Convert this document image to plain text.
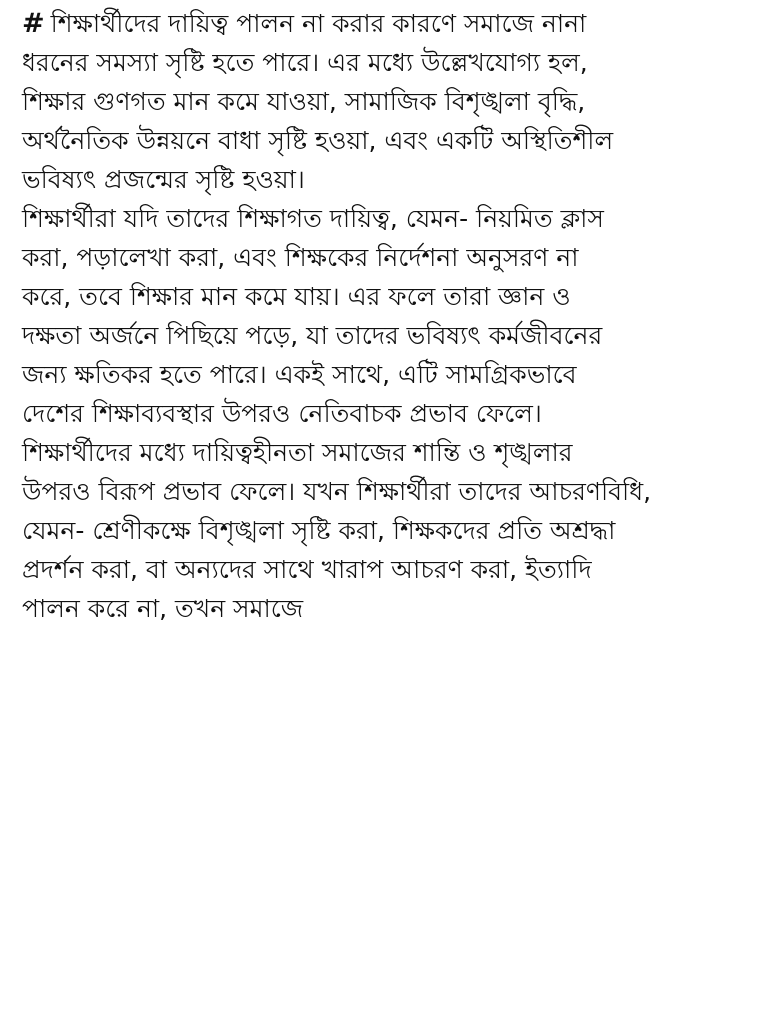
# শিক্ষার্থীদের দায়িত্ব পালন না করার কারণে সমাজে নানা
ধরনের সমস্যা সৃষ্টি হতে পারে। এর মধ্যে উল্লেখযোগ্য হল,
শিক্ষার গুণগত মান কমে যাওয়া, সামাজিক বিশৃঙ্খলা বৃদ্ধি,
অর্থনৈতিক উন্নয়নে বাধা সৃষ্টি হওয়া, এবং একটি অস্থিতিশীল
ভবিষ্যৎ প্রজন্মের সৃষ্টি হওয়া।
শিক্ষার্থীরা যদি তাদের শিক্ষাগত দায়িত্ব, যেমন- নিয়মিত ক্লাস
করা, পড়ালেখা করা, এবং শিক্ষকের নির্দেশনা অনুসরণ না
করে, তবে শিক্ষার মান কমে যায়। এর ফলে তারা জ্ঞান ও
দক্ষতা অর্জনে পিছিয়ে পড়ে, যা তাদের ভবিষ্যৎ কর্মজীবনের
জন্য ক্ষতিকর হতে পারে। একই সাথে, এটি সামগ্রিকভাবে
দেশের শিক্ষাব্যবস্থার উপরও নেতিবাচক প্রভাব ফেলে।
শিক্ষার্থীদের মধ্যে দায়িত্বহীনতা সমাজের শান্তি ও শৃঙ্খলার
উপরও বিরূপ প্রভাব ফেলে। যখন শিক্ষার্থীরা তাদের আচরণবিধি,
যেমন- শ্রেণীকক্ষে বিশৃঙ্খলা সৃষ্টি করা, শিক্ষকদের প্রতি অশ্রদ্ধা
প্রদর্শন করা, বা অন্যদের সাথে খারাপ আচরণ করা, ইত্যাদি
পালন করে না, তখন সমাজে
